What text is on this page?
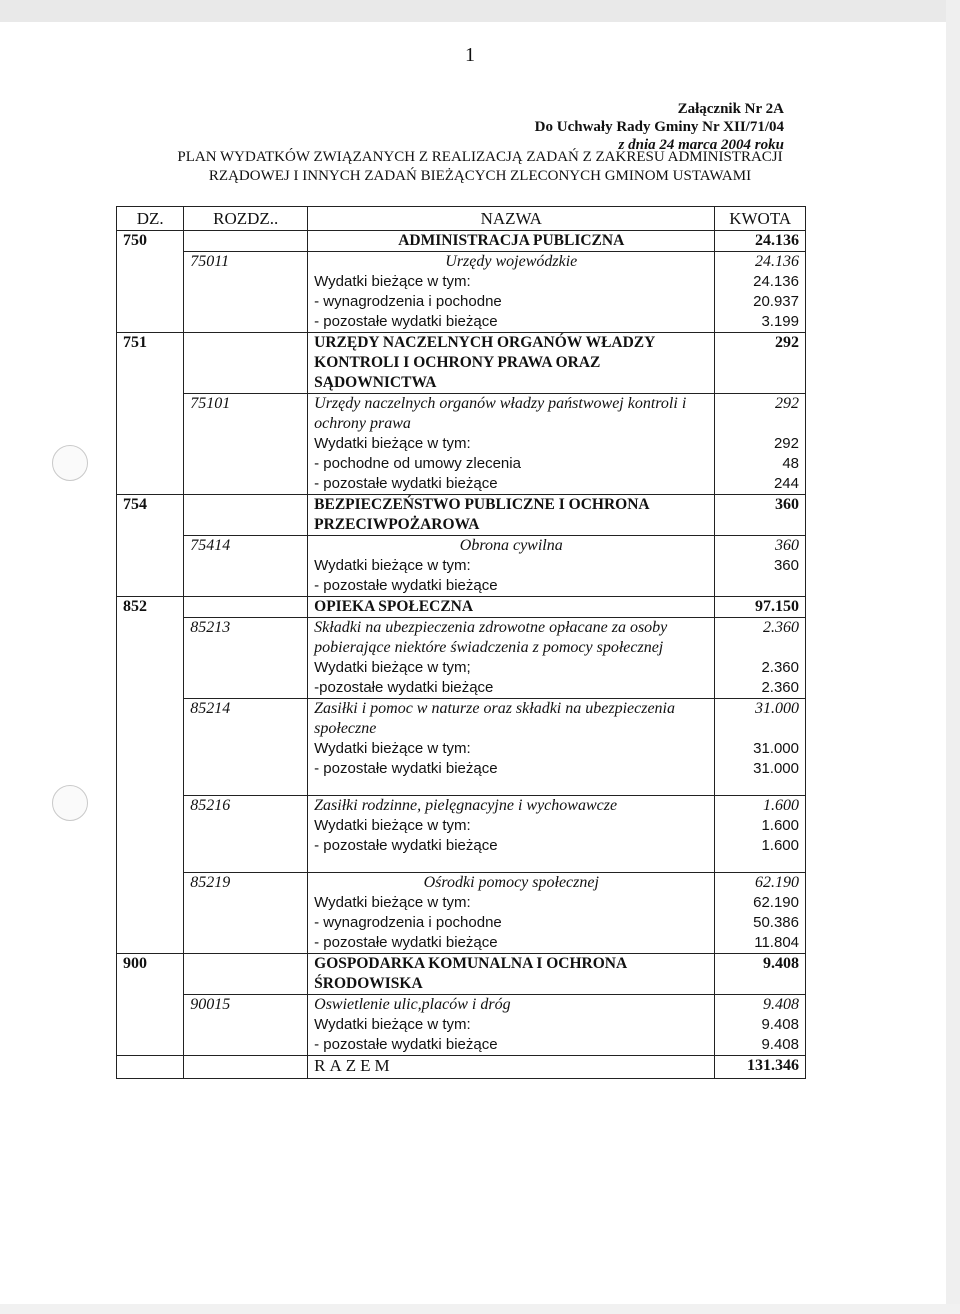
1
Załącznik Nr 2A
Do Uchwały Rady Gminy Nr XII/71/04
z dnia 24 marca 2004 roku
PLAN WYDATKÓW ZWIĄZANYCH Z REALIZACJĄ ZADAŃ Z ZAKRESU ADMINISTRACJI
RZĄDOWEJ I INNYCH ZADAŃ BIEŻĄCYCH ZLECONYCH GMINOM USTAWAMI
DZ.	ROZDZ..	NAZWA	KWOTA
750		ADMINISTRACJA PUBLICZNA	24.136
	75011	Urzędy wojewódzkie	24.136
		Wydatki bieżące w tym:	24.136
		- wynagrodzenia i pochodne	20.937
		- pozostałe wydatki bieżące	3.199
751		URZĘDY NACZELNYCH ORGANÓW WŁADZY KONTROLI I OCHRONY PRAWA ORAZ SĄDOWNICTWA	292
	75101	Urzędy naczelnych organów władzy państwowej kontroli i ochrony prawa	292
		Wydatki bieżące w tym:	292
		- pochodne od umowy zlecenia	48
		- pozostałe wydatki bieżące	244
754		BEZPIECZEŃSTWO PUBLICZNE I OCHRONA PRZECIWPOŻAROWA	360
	75414	Obrona cywilna	360
		Wydatki bieżące w tym:	360
		- pozostałe wydatki bieżące	
852		OPIEKA SPOŁECZNA	97.150
	85213	Składki na ubezpieczenia zdrowotne opłacane za osoby pobierające niektóre świadczenia z pomocy społecznej	2.360
		Wydatki bieżące w tym;	2.360
		-pozostałe wydatki bieżące	2.360
	85214	Zasiłki i pomoc w naturze oraz składki na ubezpieczenia społeczne	31.000
		Wydatki bieżące w tym:	31.000
		- pozostałe wydatki bieżące	31.000

	85216	Zasiłki rodzinne, pielęgnacyjne i wychowawcze	1.600
		Wydatki bieżące w tym:	1.600
		- pozostałe wydatki bieżące	1.600

	85219	Ośrodki pomocy społecznej	62.190
		Wydatki bieżące w tym:	62.190
		- wynagrodzenia i pochodne	50.386
		- pozostałe wydatki bieżące	11.804
900		GOSPODARKA KOMUNALNA I OCHRONA ŚRODOWISKA	9.408
	90015	Oswietlenie ulic,placów i dróg	9.408
		Wydatki bieżące w tym:	9.408
		- pozostałe wydatki bieżące	9.408
		RAZEM	131.346
